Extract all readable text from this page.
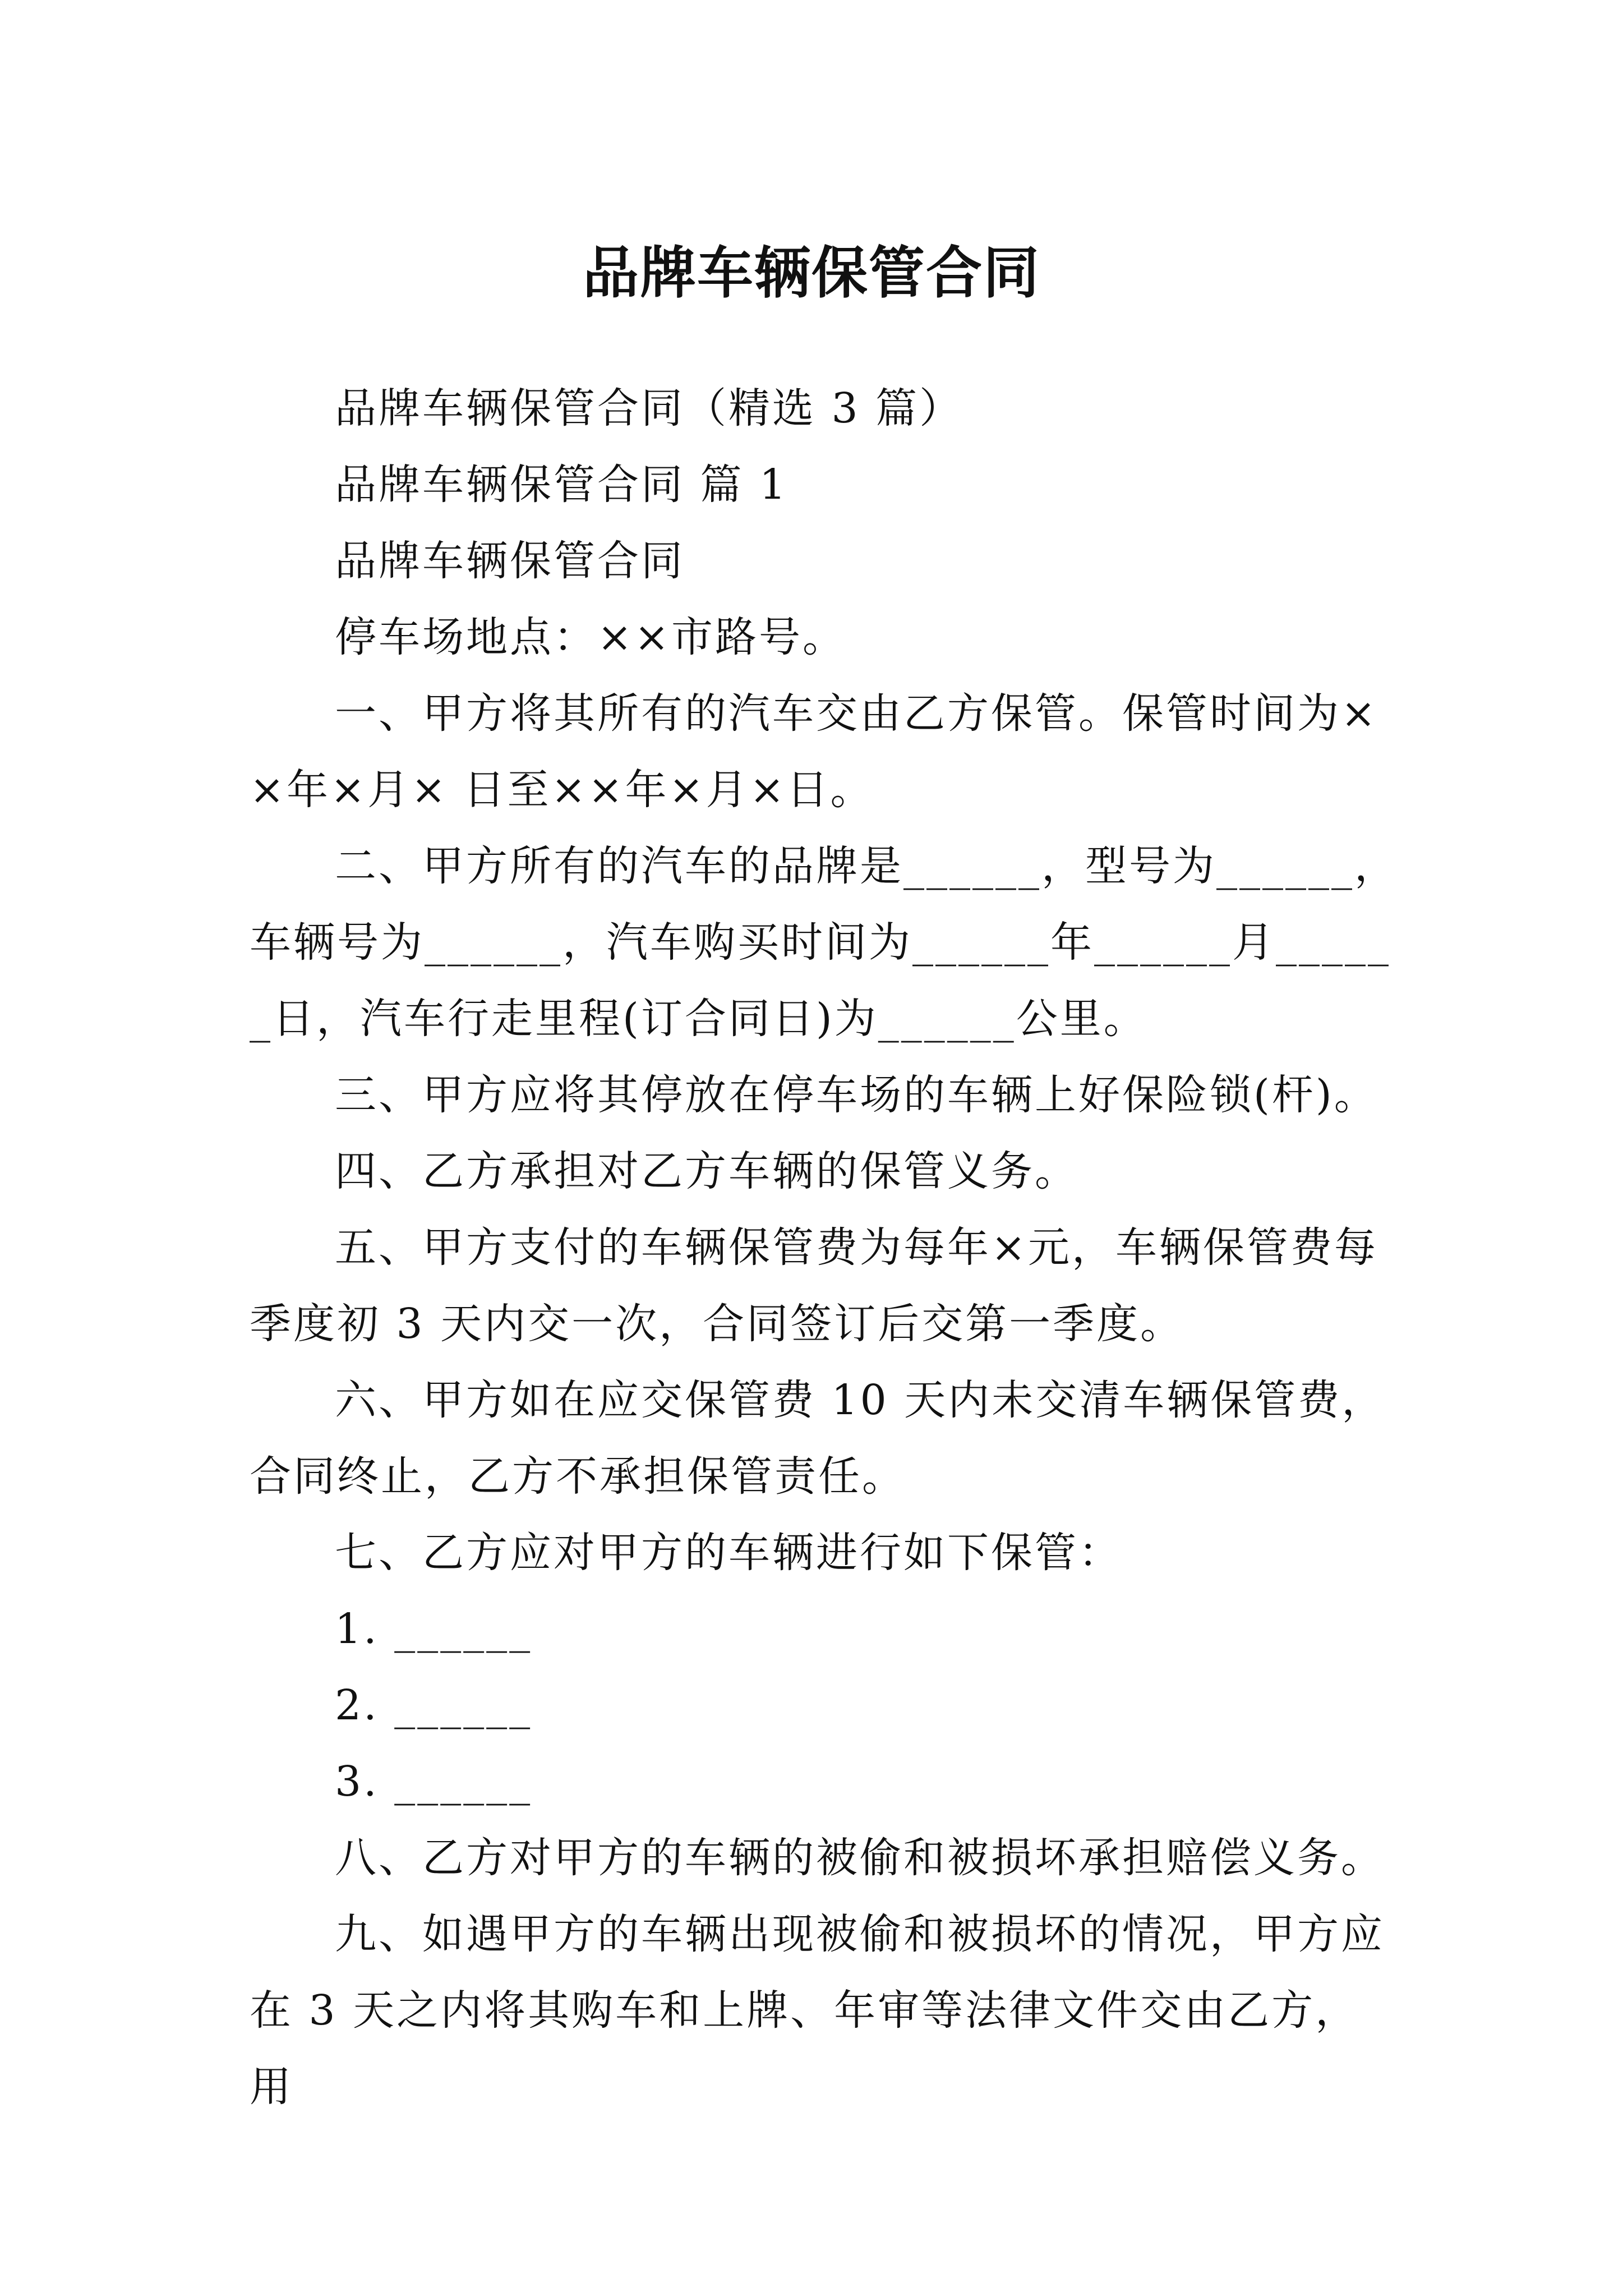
品牌车辆保管合同

品牌车辆保管合同（精选 3 篇）

品牌车辆保管合同 篇 1

品牌车辆保管合同

停车场地点：××市路号。

一、甲方将其所有的汽车交由乙方保管。保管时间为××年×月× 日至××年×月×日。

二、甲方所有的汽车的品牌是______，型号为______，车辆号为______，汽车购买时间为______年______月______日，汽车行走里程(订合同日)为______公里。

三、甲方应将其停放在停车场的车辆上好保险锁(杆)。

四、乙方承担对乙方车辆的保管义务。

五、甲方支付的车辆保管费为每年×元，车辆保管费每季度初 3 天内交一次，合同签订后交第一季度。

六、甲方如在应交保管费 10 天内未交清车辆保管费，合同终止，乙方不承担保管责任。

七、乙方应对甲方的车辆进行如下保管：

1. ______

2. ______

3. ______

八、乙方对甲方的车辆的被偷和被损坏承担赔偿义务。

九、如遇甲方的车辆出现被偷和被损坏的情况，甲方应在 3 天之内将其购车和上牌、年审等法律文件交由乙方，用
